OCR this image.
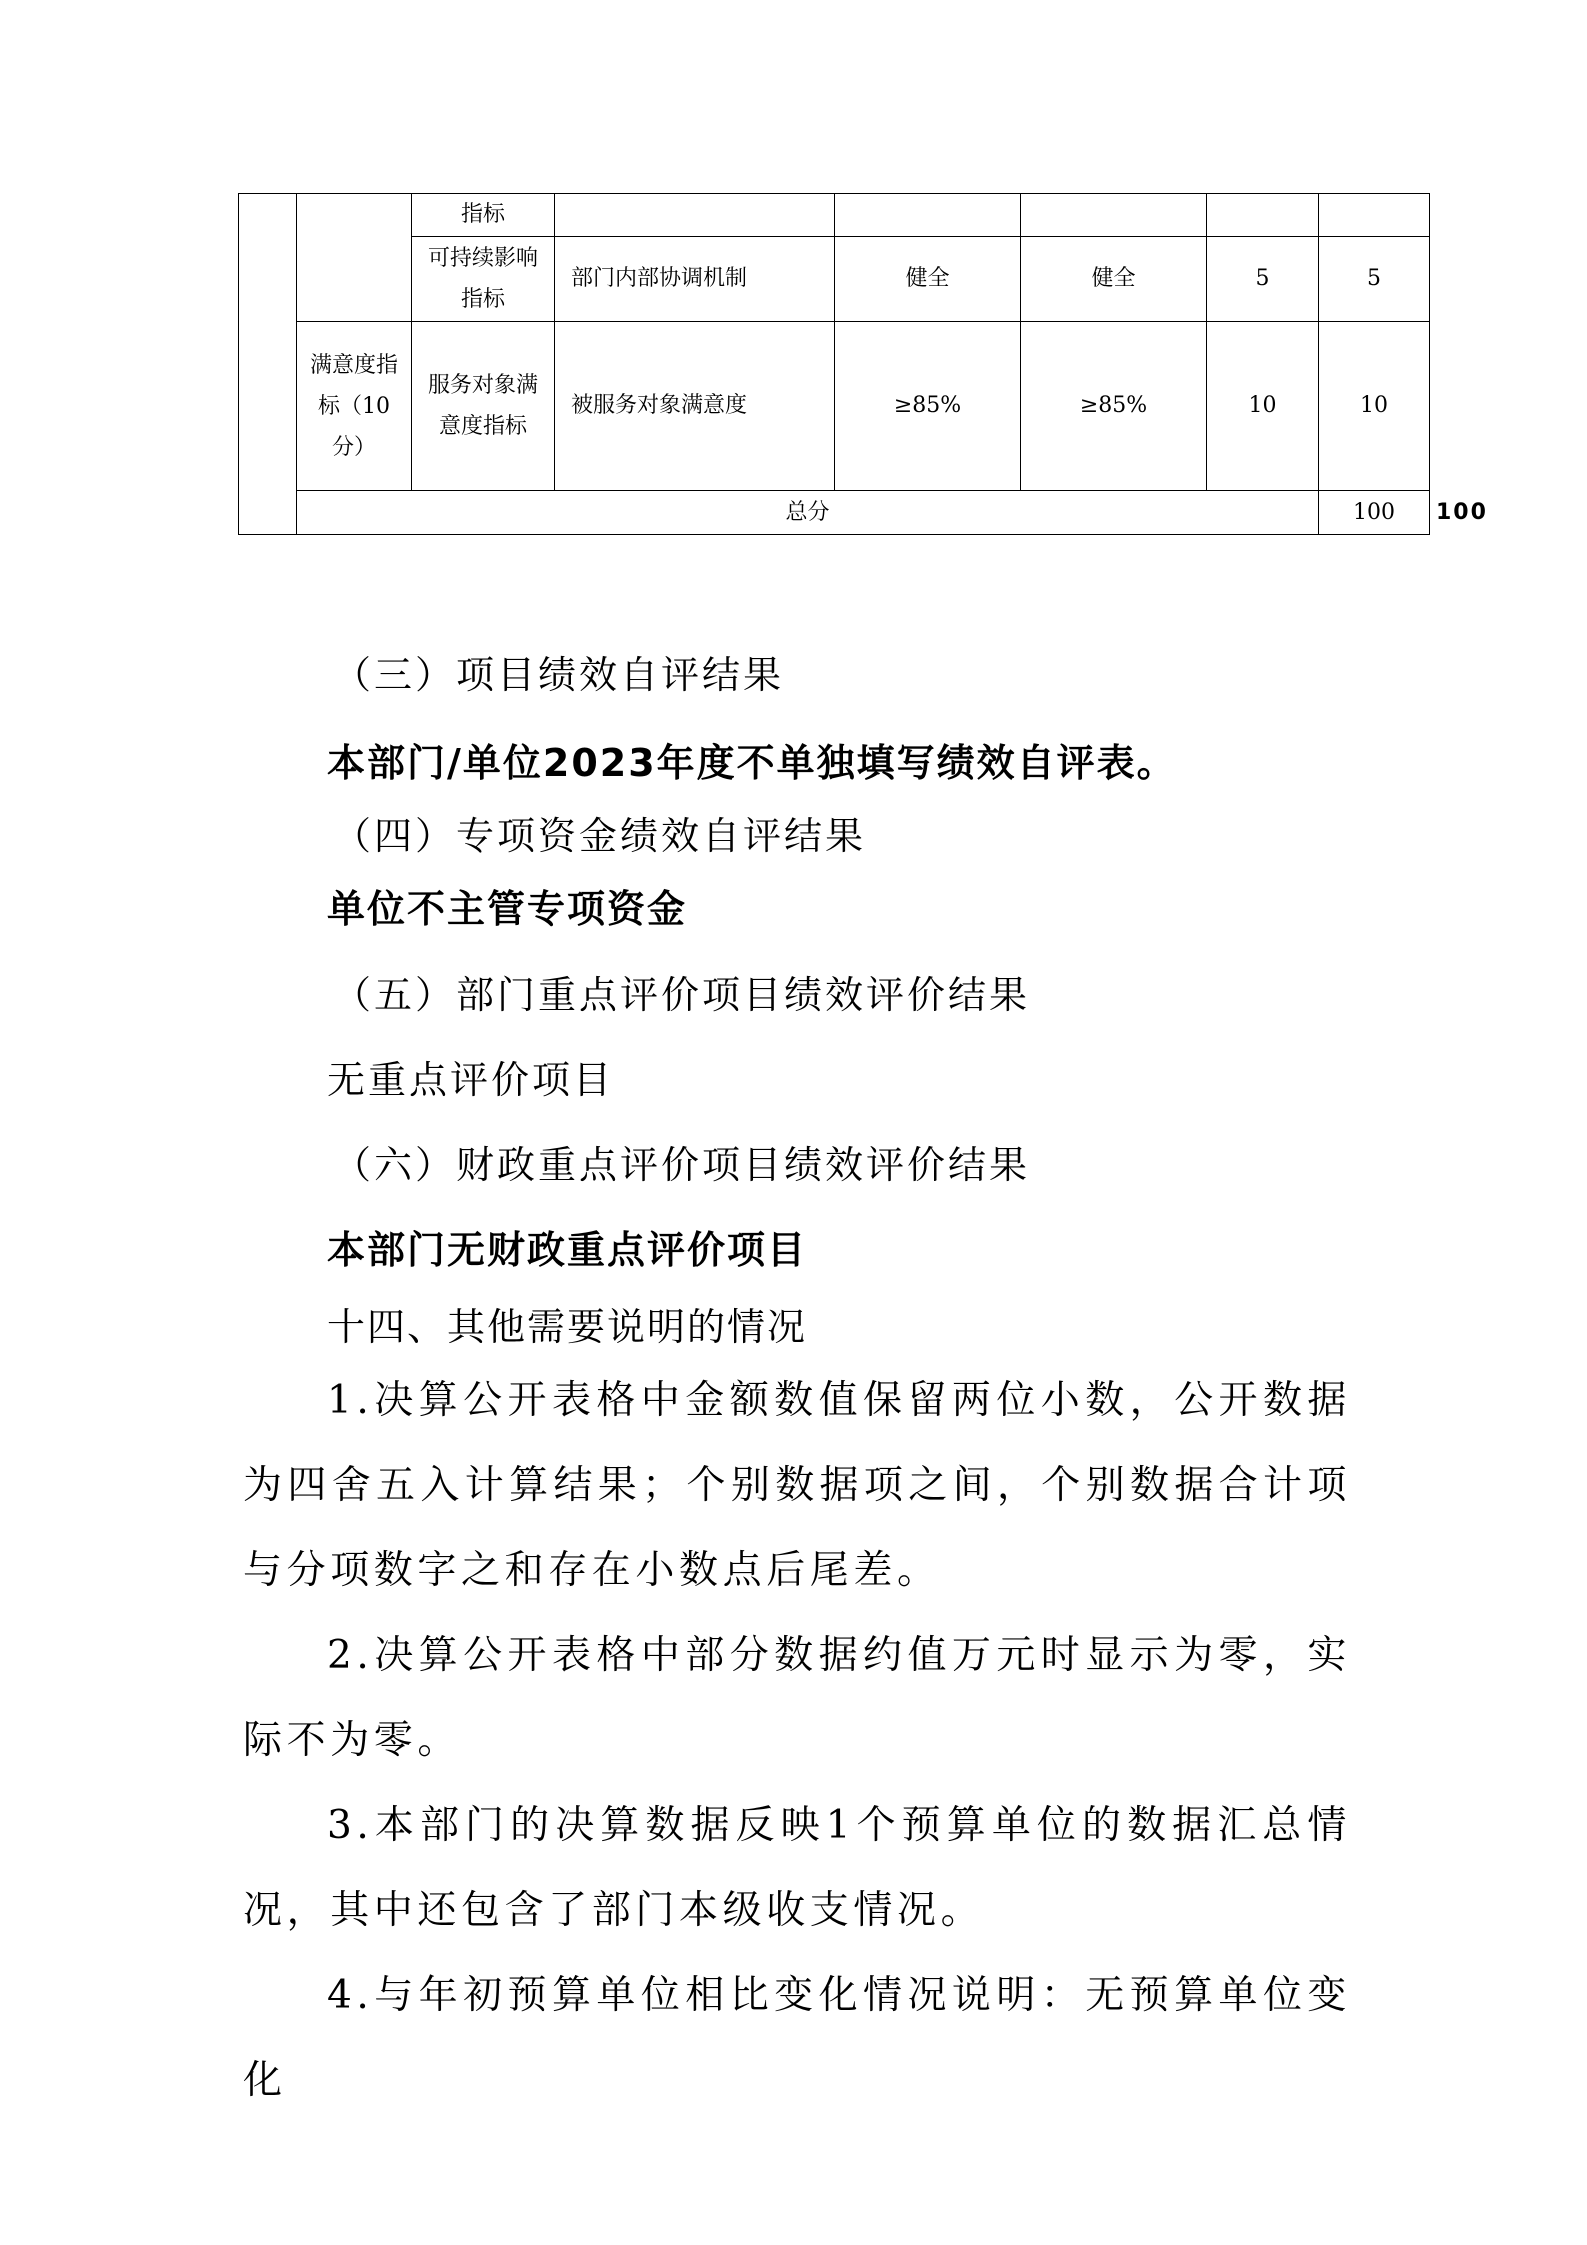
		指标						
		可持续影响指标	部门内部协调机制	健全	健全	5	5	
	满意度指标（10分）	服务对象满意度指标	被服务对象满意度	≥85%	≥85%	10	10	
	总分						100	100
（三）项目绩效自评结果
本部门/单位2023年度不单独填写绩效自评表。
（四）专项资金绩效自评结果
单位不主管专项资金
（五）部门重点评价项目绩效评价结果
无重点评价项目
（六）财政重点评价项目绩效评价结果
本部门无财政重点评价项目
十四、其他需要说明的情况
1.决算公开表格中金额数值保留两位小数，公开数据为四舍五入计算结果；个别数据项之间，个别数据合计项与分项数字之和存在小数点后尾差。
2.决算公开表格中部分数据约值万元时显示为零，实际不为零。
3.本部门的决算数据反映1个预算单位的数据汇总情况，其中还包含了部门本级收支情况。
4.与年初预算单位相比变化情况说明：无预算单位变化
